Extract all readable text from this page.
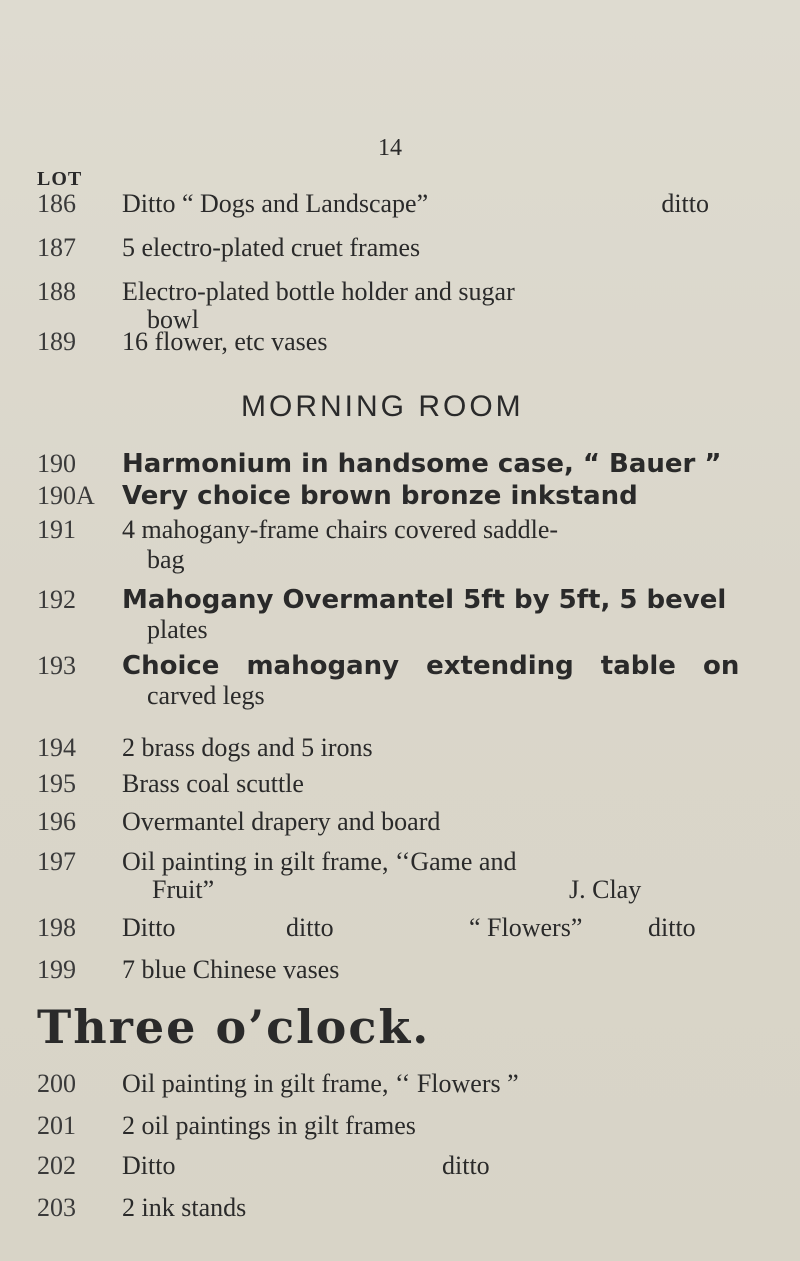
14
LOT
186	Ditto “ Dogs and Landscape”	ditto
187	5 electro-plated cruet frames
188	Electro-plated bottle holder and sugar
bowl
189	16 flower, etc vases
MORNING ROOM
190	Harmonium in handsome case, “ Bauer ”
190A	Very choice brown bronze inkstand
191	4 mahogany-frame chairs covered saddle-
bag
192	Mahogany Overmantel 5ft by 5ft, 5 bevel
plates
193	Choice mahogany extending table on
carved legs
194	2 brass dogs and 5 irons
195	Brass coal scuttle
196	Overmantel drapery and board
197	Oil painting in gilt frame, ‘‘Game and
Fruit”	J. Clay
198	Ditto	ditto	“ Flowers”	ditto
199	7 blue Chinese vases
Three o’clock.
200	Oil painting in gilt frame, ‘‘ Flowers ”
201	2 oil paintings in gilt frames
202	Ditto	ditto
203	2 ink stands
